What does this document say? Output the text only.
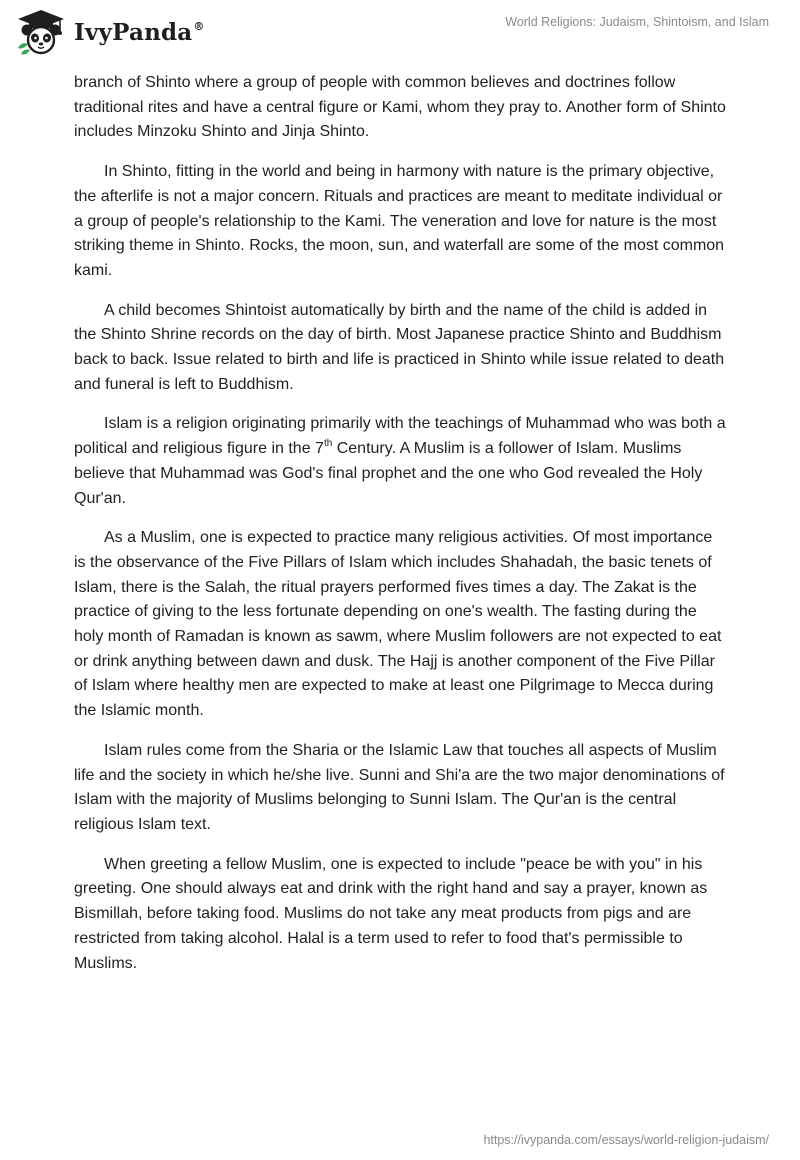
IvyPanda®	World Religions: Judaism, Shintoism, and Islam

branch of Shinto where a group of people with common believes and doctrines follow traditional rites and have a central figure or Kami, whom they pray to. Another form of Shinto includes Minzoku Shinto and Jinja Shinto.

In Shinto, fitting in the world and being in harmony with nature is the primary objective, the afterlife is not a major concern. Rituals and practices are meant to meditate individual or a group of people's relationship to the Kami. The veneration and love for nature is the most striking theme in Shinto. Rocks, the moon, sun, and waterfall are some of the most common kami.

A child becomes Shintoist automatically by birth and the name of the child is added in the Shinto Shrine records on the day of birth. Most Japanese practice Shinto and Buddhism back to back. Issue related to birth and life is practiced in Shinto while issue related to death and funeral is left to Buddhism.

Islam is a religion originating primarily with the teachings of Muhammad who was both a political and religious figure in the 7th Century. A Muslim is a follower of Islam. Muslims believe that Muhammad was God's final prophet and the one who God revealed the Holy Qur'an.

As a Muslim, one is expected to practice many religious activities. Of most importance is the observance of the Five Pillars of Islam which includes Shahadah, the basic tenets of Islam, there is the Salah, the ritual prayers performed fives times a day. The Zakat is the practice of giving to the less fortunate depending on one's wealth. The fasting during the holy month of Ramadan is known as sawm, where Muslim followers are not expected to eat or drink anything between dawn and dusk. The Hajj is another component of the Five Pillar of Islam where healthy men are expected to make at least one Pilgrimage to Mecca during the Islamic month.

Islam rules come from the Sharia or the Islamic Law that touches all aspects of Muslim life and the society in which he/she live. Sunni and Shi'a are the two major denominations of Islam with the majority of Muslims belonging to Sunni Islam. The Qur'an is the central religious Islam text.

When greeting a fellow Muslim, one is expected to include "peace be with you" in his greeting. One should always eat and drink with the right hand and say a prayer, known as Bismillah, before taking food. Muslims do not take any meat products from pigs and are restricted from taking alcohol. Halal is a term used to refer to food that's permissible to Muslims.

https://ivypanda.com/essays/world-religion-judaism/
